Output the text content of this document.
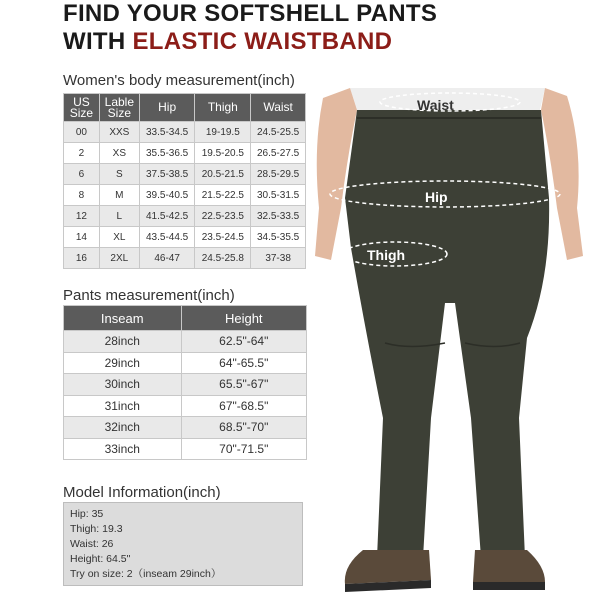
FIND YOUR SOFTSHELL PANTS
WITH ELASTIC WAISTBAND
Women's body measurement(inch)
US Size	Lable Size	Hip	Thigh	Waist
00	XXS	33.5-34.5	19-19.5	24.5-25.5
2	XS	35.5-36.5	19.5-20.5	26.5-27.5
6	S	37.5-38.5	20.5-21.5	28.5-29.5
8	M	39.5-40.5	21.5-22.5	30.5-31.5
12	L	41.5-42.5	22.5-23.5	32.5-33.5
14	XL	43.5-44.5	23.5-24.5	34.5-35.5
16	2XL	46-47	24.5-25.8	37-38
Pants measurement(inch)
Inseam	Height
28inch	62.5"-64"
29inch	64"-65.5"
30inch	65.5"-67"
31inch	67"-68.5"
32inch	68.5"-70"
33inch	70"-71.5"
Model Information(inch)
Hip: 35
Thigh: 19.3
Waist: 26
Height: 64.5"
Try on size: 2（inseam 29inch）
Waist
Hip
Thigh
